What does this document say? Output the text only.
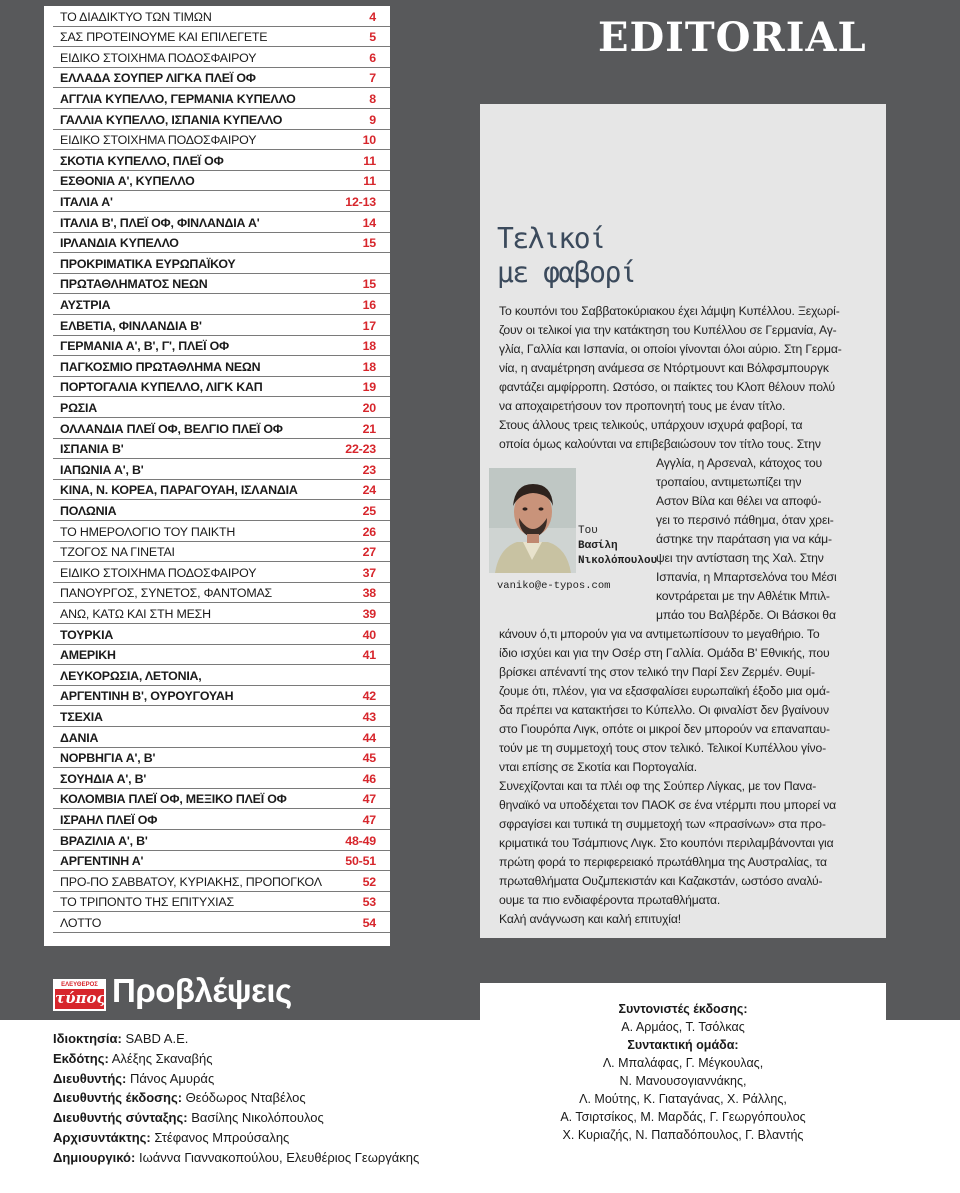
ΤΟ ΔΙΑΔΙΚΤΥΟ ΤΩΝ ΤΙΜΩΝ	4
ΣΑΣ ΠΡΟΤΕΙΝΟΥΜΕ ΚΑΙ ΕΠΙΛΕΓΕΤΕ	5
ΕΙΔΙΚΟ ΣΤΟΙΧΗΜΑ ΠΟΔΟΣΦΑΙΡΟΥ	6
ΕΛΛΑΔΑ ΣΟΥΠΕΡ ΛΙΓΚΑ ΠΛΕΪ ΟΦ	7
ΑΓΓΛΙΑ ΚΥΠΕΛΛΟ, ΓΕΡΜΑΝΙΑ ΚΥΠΕΛΛΟ	8
ΓΑΛΛΙΑ ΚΥΠΕΛΛΟ, ΙΣΠΑΝΙΑ ΚΥΠΕΛΛΟ	9
ΕΙΔΙΚΟ ΣΤΟΙΧΗΜΑ ΠΟΔΟΣΦΑΙΡΟΥ	10
ΣΚΟΤΙΑ ΚΥΠΕΛΛΟ, ΠΛΕΪ ΟΦ	11
ΕΣΘΟΝΙΑ Α', ΚΥΠΕΛΛΟ	11
ΙΤΑΛΙΑ Α'	12-13
ΙΤΑΛΙΑ Β', ΠΛΕΪ ΟΦ, ΦΙΝΛΑΝΔΙΑ Α'	14
ΙΡΛΑΝΔΙΑ ΚΥΠΕΛΛΟ	15
ΠΡΟΚΡΙΜΑΤΙΚΑ ΕΥΡΩΠΑΪΚΟΥ
ΠΡΩΤΑΘΛΗΜΑΤΟΣ ΝΕΩΝ	15
ΑΥΣΤΡΙΑ	16
ΕΛΒΕΤΙΑ, ΦΙΝΛΑΝΔΙΑ Β'	17
ΓΕΡΜΑΝΙΑ Α', Β', Γ', ΠΛΕΪ ΟΦ	18
ΠΑΓΚΟΣΜΙΟ ΠΡΩΤΑΘΛΗΜΑ ΝΕΩΝ	18
ΠΟΡΤΟΓΑΛΙΑ ΚΥΠΕΛΛΟ, ΛΙΓΚ ΚΑΠ	19
ΡΩΣΙΑ	20
ΟΛΛΑΝΔΙΑ ΠΛΕΪ ΟΦ, ΒΕΛΓΙΟ ΠΛΕΪ ΟΦ	21
ΙΣΠΑΝΙΑ Β'	22-23
ΙΑΠΩΝΙΑ Α', Β'	23
ΚΙΝΑ, Ν. ΚΟΡΕΑ, ΠΑΡΑΓΟΥΑΗ, ΙΣΛΑΝΔΙΑ	24
ΠΟΛΩΝΙΑ	25
ΤΟ ΗΜΕΡΟΛΟΓΙΟ ΤΟΥ ΠΑΙΚΤΗ	26
ΤΖΟΓΟΣ ΝΑ ΓΙΝΕΤΑΙ	27
ΕΙΔΙΚΟ ΣΤΟΙΧΗΜΑ ΠΟΔΟΣΦΑΙΡΟΥ	37
ΠΑΝΟΥΡΓΟΣ, ΣΥΝΕΤΟΣ, ΦΑΝΤΟΜΑΣ	38
ΑΝΩ, ΚΑΤΩ ΚΑΙ ΣΤΗ ΜΕΣΗ	39
ΤΟΥΡΚΙΑ	40
ΑΜΕΡΙΚΗ	41
ΛΕΥΚΟΡΩΣΙΑ, ΛΕΤΟΝΙΑ,
ΑΡΓΕΝΤΙΝΗ Β', ΟΥΡΟΥΓΟΥΑΗ	42
ΤΣΕΧΙΑ	43
ΔΑΝΙΑ	44
ΝΟΡΒΗΓΙΑ Α', Β'	45
ΣΟΥΗΔΙΑ Α', Β'	46
ΚΟΛΟΜΒΙΑ ΠΛΕΪ ΟΦ, ΜΕΞΙΚΟ ΠΛΕΪ ΟΦ	47
ΙΣΡΑΗΛ ΠΛΕΪ ΟΦ	47
ΒΡΑΖΙΛΙΑ Α', Β'	48-49
ΑΡΓΕΝΤΙΝΗ Α'	50-51
ΠΡΟ-ΠΟ ΣΑΒΒΑΤΟΥ, ΚΥΡΙΑΚΗΣ, ΠΡΟΠΟΓΚΟΛ	52
ΤΟ ΤΡΙΠΟΝΤΟ ΤΗΣ ΕΠΙΤΥΧΙΑΣ	53
ΛΟΤΤΟ	54
EDITORIAL
Τελικοί
με φαβορί
Το κουπόνι του Σαββατοκύριακου έχει λάμψη Κυπέλλου. Ξεχωρί-
ζουν οι τελικοί για την κατάκτηση του Κυπέλλου σε Γερμανία, Αγ-
γλία, Γαλλία και Ισπανία, οι οποίοι γίνονται όλοι αύριο. Στη Γερμα-
νία, η αναμέτρηση ανάμεσα σε Ντόρτμουντ και Βόλφσμπουργκ
φαντάζει αμφίρροπη. Ωστόσο, οι παίκτες του Κλοπ θέλουν πολύ
να αποχαιρετήσουν τον προπονητή τους με έναν τίτλο.
Στους άλλους τρεις τελικούς, υπάρχουν ισχυρά φαβορί, τα
οποία όμως καλούνται να επιβεβαιώσουν τον τίτλο τους. Στην
Αγγλία, η Αρσεναλ, κάτοχος του
τροπαίου, αντιμετωπίζει την
Αστον Βίλα και θέλει να αποφύ-
γει το περσινό πάθημα, όταν χρει-
άστηκε την παράταση για να κάμ-
ψει την αντίσταση της Χαλ. Στην
Ισπανία, η Μπαρτσελόνα του Μέσι
κοντράρεται με την Αθλέτικ Μπιλ-
μπάο του Βαλβέρδε. Οι Βάσκοι θα
κάνουν ό,τι μπορούν για να αντιμετωπίσουν το μεγαθήριο. Το
ίδιο ισχύει και για την Οσέρ στη Γαλλία. Ομάδα Β' Εθνικής, που
βρίσκει απέναντί της στον τελικό την Παρί Σεν Ζερμέν. Θυμί-
ζουμε ότι, πλέον, για να εξασφαλίσει ευρωπαϊκή έξοδο μια ομά-
δα πρέπει να κατακτήσει το Κύπελλο. Οι φιναλίστ δεν βγαίνουν
στο Γιουρόπα Λιγκ, οπότε οι μικροί δεν μπορούν να επαναπαυ-
τούν με τη συμμετοχή τους στον τελικό. Τελικοί Κυπέλλου γίνο-
νται επίσης σε Σκοτία και Πορτογαλία.
Συνεχίζονται και τα πλέι οφ της Σούπερ Λίγκας, με τον Πανα-
θηναϊκό να υποδέχεται τον ΠΑΟΚ σε ένα ντέρμπι που μπορεί να
σφραγίσει και τυπικά τη συμμετοχή των «πρασίνων» στα προ-
κριματικά του Τσάμπιονς Λιγκ. Στο κουπόνι περιλαμβάνονται για
πρώτη φορά το περιφερειακό πρωτάθλημα της Αυστραλίας, τα
πρωταθλήματα Ουζμπεκιστάν και Καζακστάν, ωστόσο αναλύ-
ουμε τα πιο ενδιαφέροντα πρωταθλήματα.
Καλή ανάγνωση και καλή επιτυχία!
Του
Βασίλη
Νικολόπουλου
vaniko@e-typos.com
ΕΛΕΥΘΕΡΟΣ
τύπος Προβλέψεις
Ιδιοκτησία: SABD A.E.
Εκδότης: Αλέξης Σκαναβής
Διευθυντής: Πάνος Αμυράς
Διευθυντής έκδοσης: Θεόδωρος Νταβέλος
Διευθυντής σύνταξης: Βασίλης Νικολόπουλος
Αρχισυντάκτης: Στέφανος Μπρούσαλης
Δημιουργικό: Ιωάννα Γιαννακοπούλου, Ελευθέριος Γεωργάκης
Συντονιστές έκδοσης:
Α. Αρμάος, Τ. Τσόλκας
Συντακτική ομάδα:
Λ. Μπαλάφας, Γ. Μέγκουλας,
Ν. Μανουσογιαννάκης,
Λ. Μούτης, Κ. Γιαταγάνας, Χ. Ράλλης,
Α. Τσιρτσίκος, Μ. Μαρδάς, Γ. Γεωργόπουλος
Χ. Κυριαζής, Ν. Παπαδόπουλος, Γ. Βλαντής
